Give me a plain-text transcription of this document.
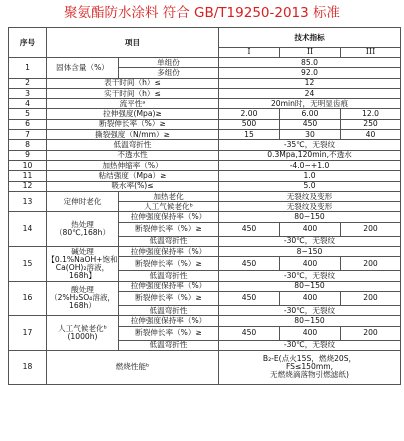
聚氨酯防水涂料 符合 GB/T19250-2013 标准
序号	项目		技术指标		
			I	II	III
1	固体含量（%）	单组份	85.0		
		多组份	92.0		
2	表干时间（h）≤		12		
3	实干时间（h）≤		24		
4	流平性ᵃ		20min时，无明显齿痕		
5	拉伸强度(Mpa)≥		2.00	6.00	12.0
6	断裂伸长率（%）≥		500	450	250
7	撕裂强度（N/mm）≥		15	30	40
8	低温弯折性		-35℃，无裂纹		
9	不透水性		0.3Mpa,120min,不透水		
10	加热伸缩率（%）		-4.0~+1.0		
11	粘结强度（Mpa）≥		1.0		
12	吸水率(%)≤		5.0		
13	定伸时老化	加热老化	无裂纹及变形		
		人工气候老化ᵇ	无裂纹及变形		
14	热处理
（80℃,168h）	拉伸强度保持率（%）	80~150		
		断裂伸长率（%）≥	450	400	200
		低温弯折性	-30℃，无裂纹		
15	碱处理
【0.1%NaOH+饱和
Ca(OH)₂溶液，168h】	拉伸强度保持率（%）	8~150		
		断裂伸长率（%）≥	450	400	200
		低温弯折性	-30℃，无裂纹		
16	酸处理
（2%H₂SO₄溶液，
168h）	拉伸强度保持率（%）	80~150		
		断裂伸长率（%）≥	450	400	200
		低温弯折性	-30℃，无裂纹		
17	人工气候老化ᵇ
(1000h)	拉伸强度保持率（%）	80~150		
		断裂伸长率（%）≥	450	400	200
		低温弯折性	-30℃，无裂纹		
18	燃烧性能ᵇ		B₂-E(点火15S，燃烧20S，
FS≤150mm,
无燃烧滴落物引燃滤纸)		
